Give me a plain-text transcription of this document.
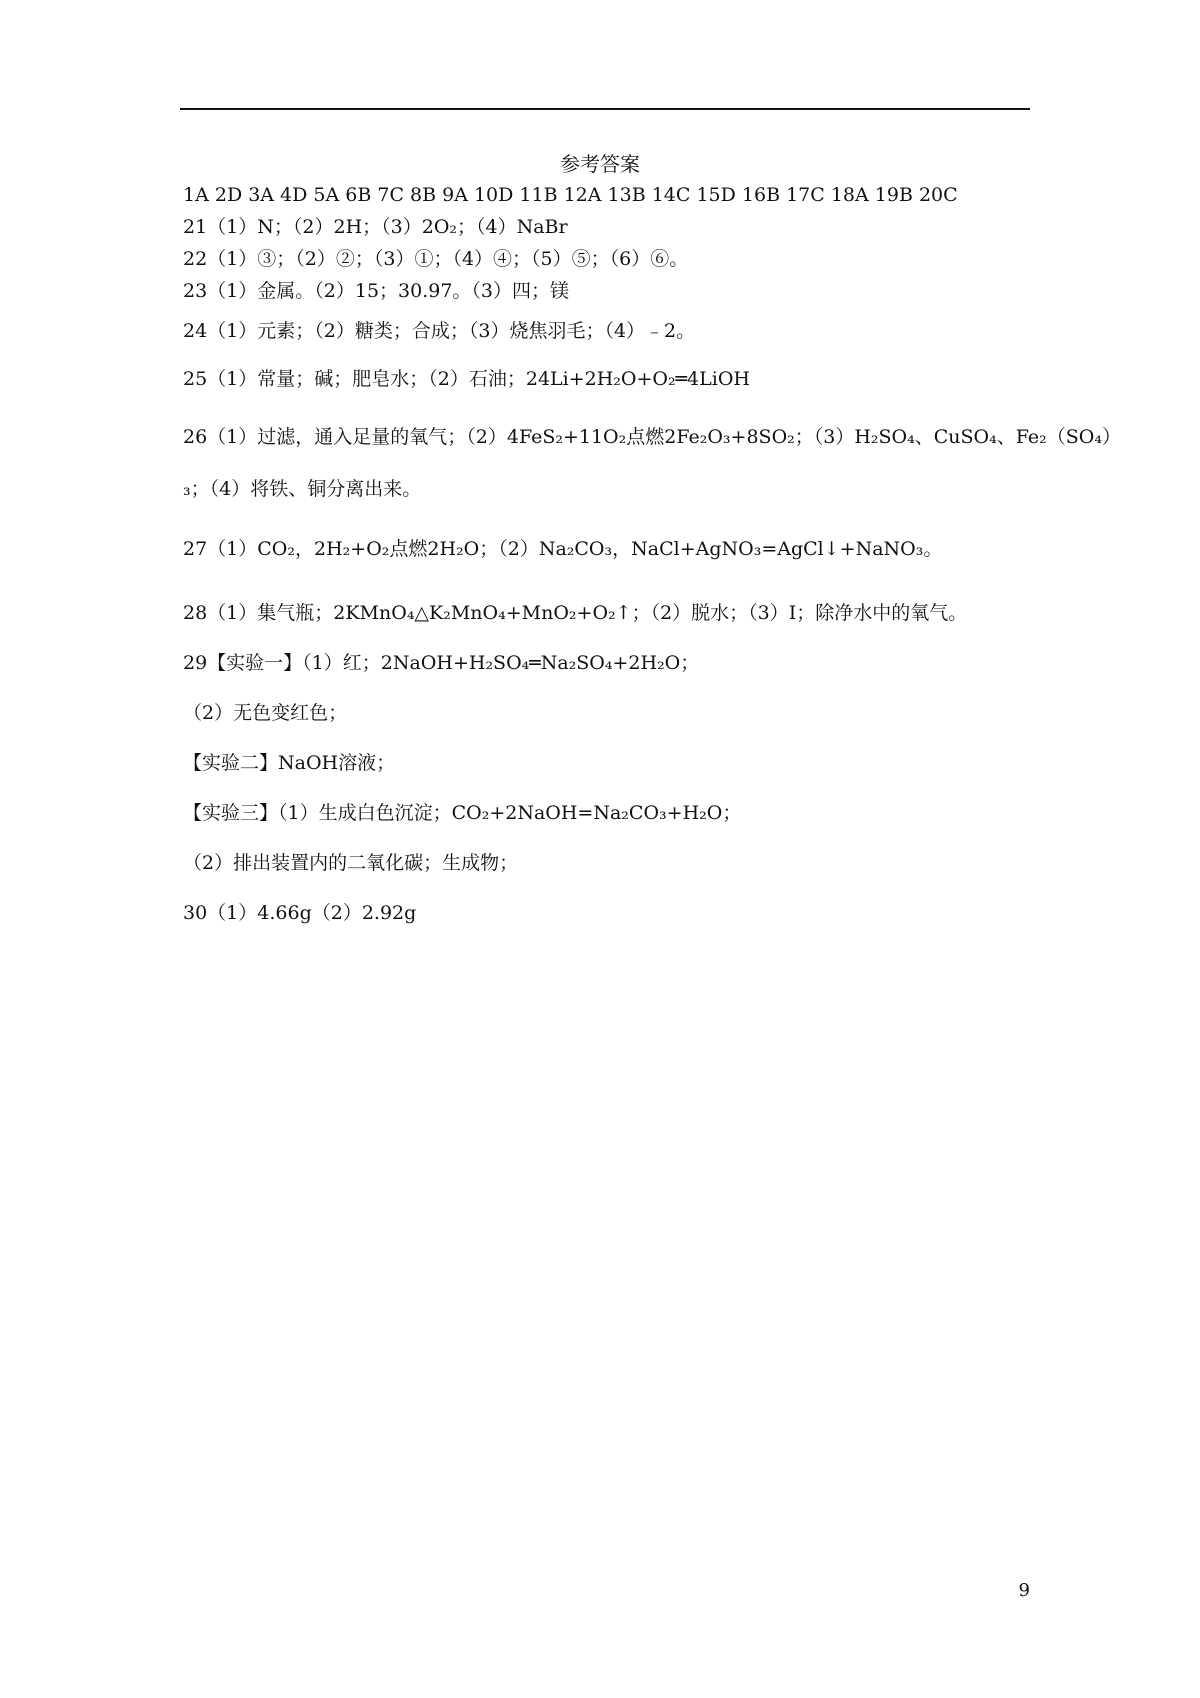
参考答案
1A 2D 3A 4D 5A 6B 7C 8B 9A 10D 11B 12A 13B 14C 15D 16B 17C 18A 19B 20C
21（1）N；（2）2H；（3）2O₂；（4）NaBr
22（1）③；（2）②；（3）①；（4）④；（5）⑤；（6）⑥。
23（1）金属。（2）15；30.97。（3）四；镁
24（1）元素；（2）糖类；合成；（3）烧焦羽毛；（4）﹣2。
25（1）常量；碱；肥皂水；（2）石油；24Li+2H₂O+O₂═4LiOH
26（1）过滤，通入足量的氧气；（2）4FeS₂+11O₂点燃2Fe₂O₃+8SO₂；（3）H₂SO₄、CuSO₄、Fe₂（SO₄）
₃；（4）将铁、铜分离出来。
27（1）CO₂，2H₂+O₂点燃2H₂O；（2）Na₂CO₃，NaCl+AgNO₃=AgCl↓+NaNO₃。
28（1）集气瓶；2KMnO₄△K₂MnO₄+MnO₂+O₂↑；（2）脱水；（3）Ⅰ；除净水中的氧气。
29【实验一】（1）红；2NaOH+H₂SO₄═Na₂SO₄+2H₂O；
（2）无色变红色；
【实验二】NaOH溶液；
【实验三】（1）生成白色沉淀；CO₂+2NaOH=Na₂CO₃+H₂O；
（2）排出装置内的二氧化碳；生成物；
30（1）4.66g（2）2.92g
9
